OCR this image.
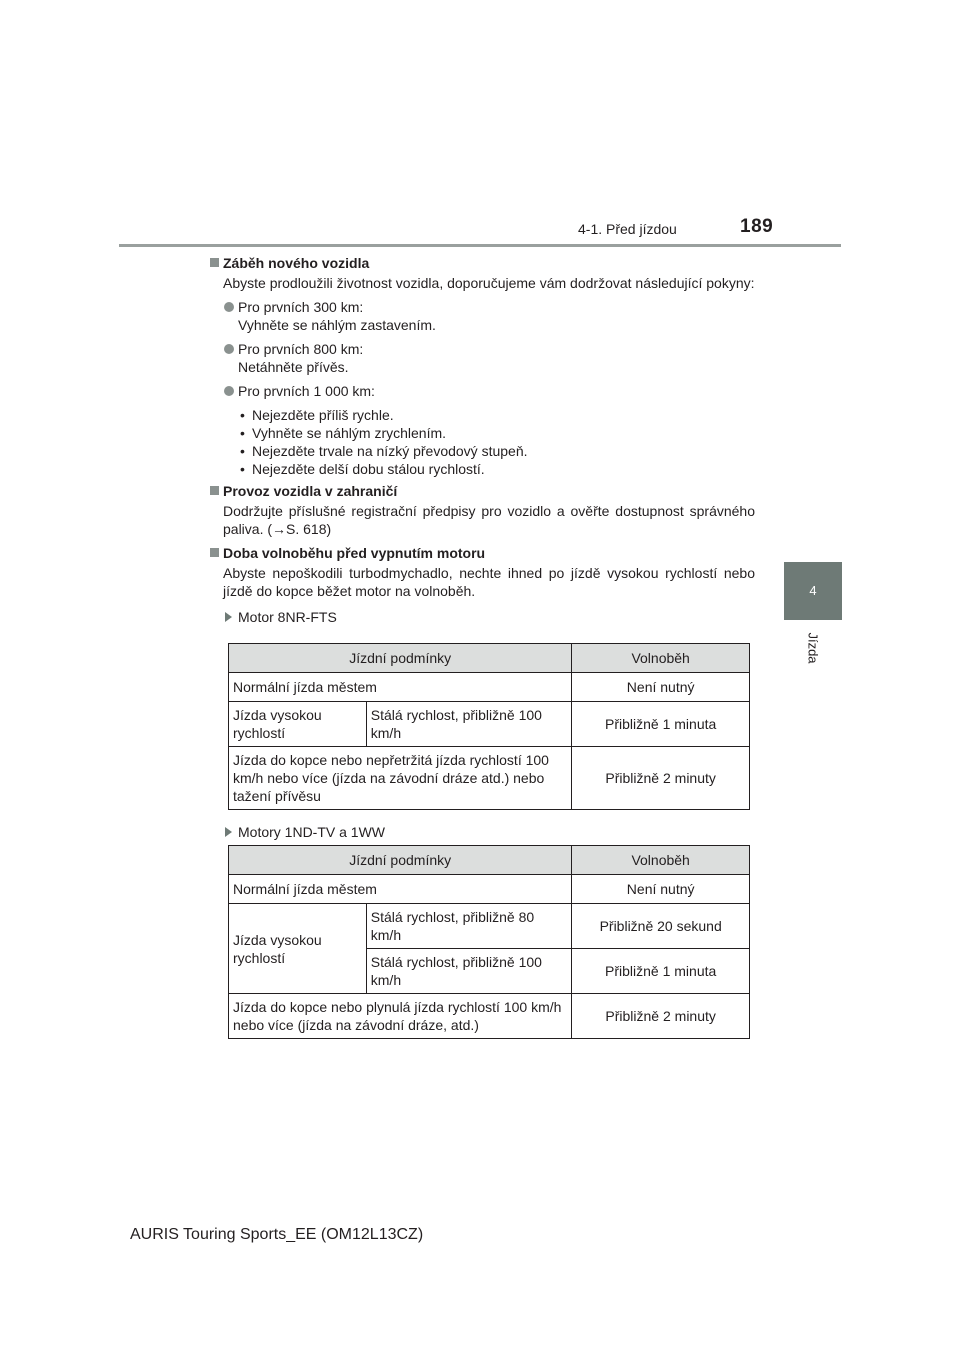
4-1. Před jízdou	189
4
Jízda
Záběh nového vozidla
Abyste prodloužili životnost vozidla, doporučujeme vám dodržovat následující pokyny:
Pro prvních 300 km:
Vyhněte se náhlým zastavením.
Pro prvních 800 km:
Netáhněte přívěs.
Pro prvních 1 000 km:
• Nejezděte příliš rychle.
• Vyhněte se náhlým zrychlením.
• Nejezděte trvale na nízký převodový stupeň.
• Nejezděte delší dobu stálou rychlostí.
Provoz vozidla v zahraničí
Dodržujte příslušné registrační předpisy pro vozidlo a ověřte dostupnost správného paliva. (→S. 618)
Doba volnoběhu před vypnutím motoru
Abyste nepoškodili turbodmychadlo, nechte ihned po jízdě vysokou rychlostí nebo jízdě do kopce běžet motor na volnoběh.
Motor 8NR-FTS
Jízdní podmínky		Volnoběh
Normální jízda městem		Není nutný
Jízda vysokou rychlostí	Stálá rychlost, přibližně 100 km/h	Přibližně 1 minuta
Jízda do kopce nebo nepřetržitá jízda rychlostí 100 km/h nebo více (jízda na závodní dráze atd.) nebo tažení přívěsu		Přibližně 2 minuty
Motory 1ND-TV a 1WW
Jízdní podmínky		Volnoběh
Normální jízda městem		Není nutný
Jízda vysokou rychlostí	Stálá rychlost, přibližně 80 km/h	Přibližně 20 sekund
	Stálá rychlost, přibližně 100 km/h	Přibližně 1 minuta
Jízda do kopce nebo plynulá jízda rychlostí 100 km/h nebo více (jízda na závodní dráze, atd.)		Přibližně 2 minuty
AURIS Touring Sports_EE (OM12L13CZ)
